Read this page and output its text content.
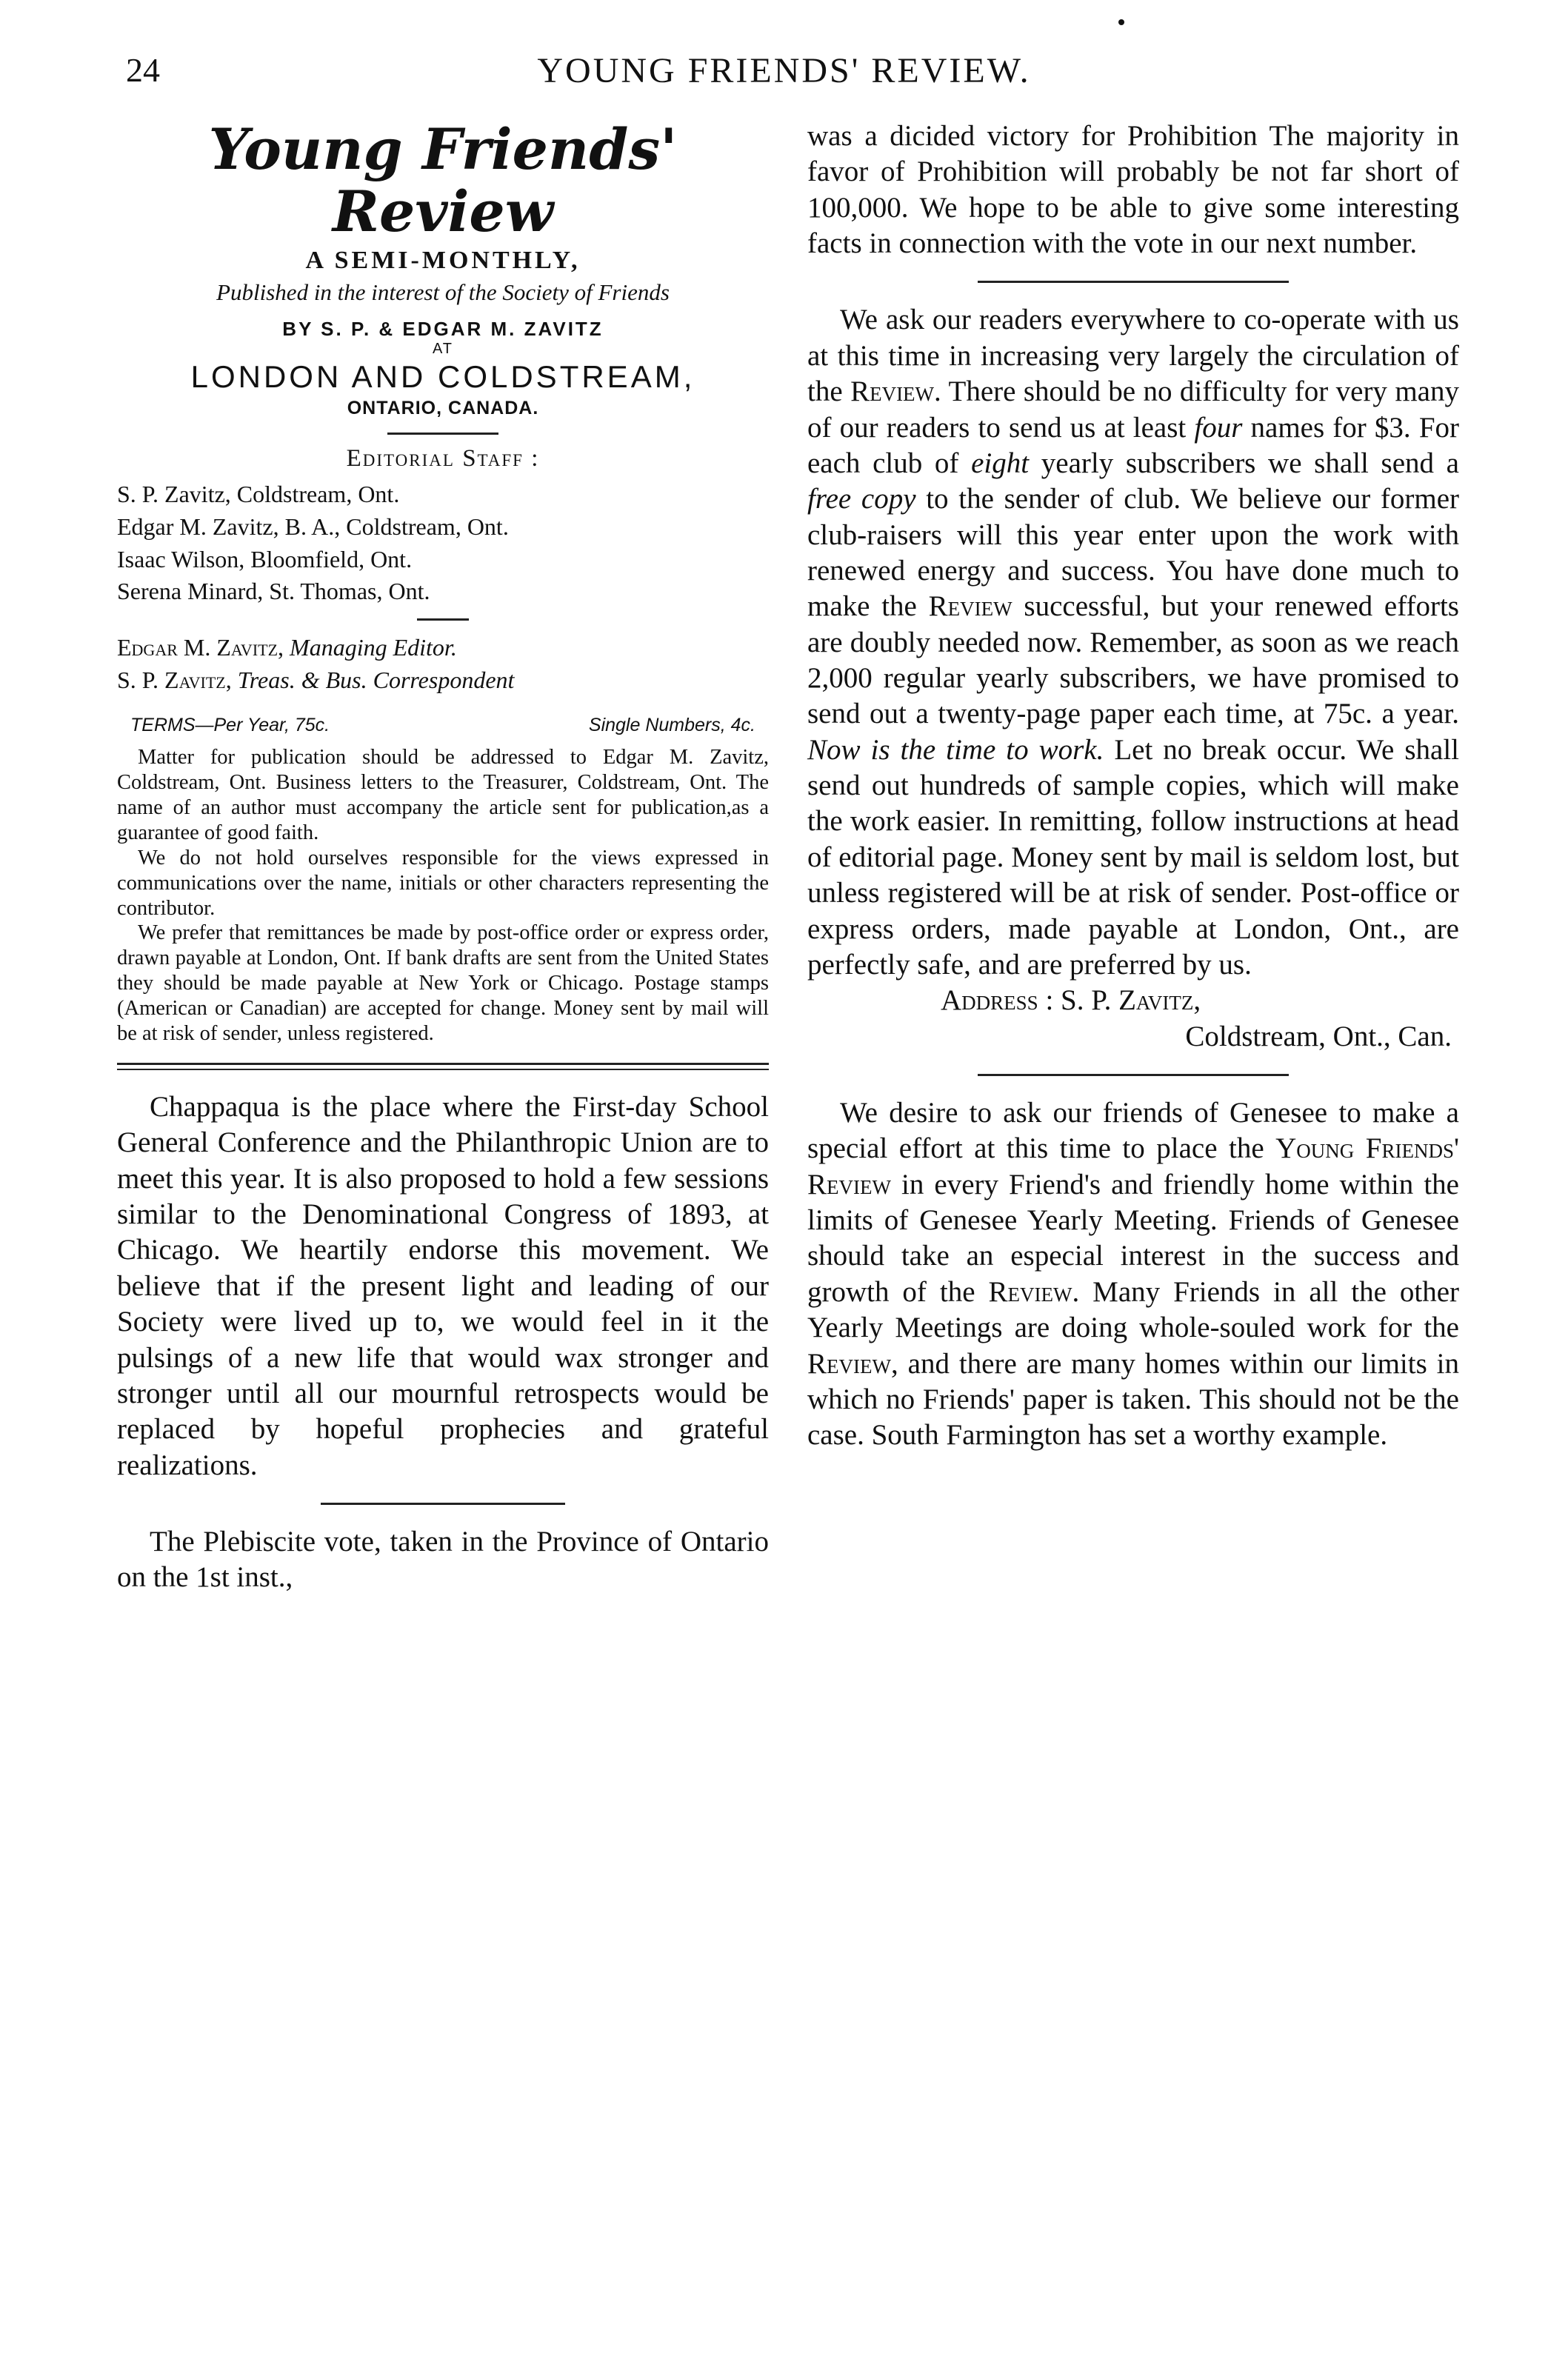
24	YOUNG FRIENDS' REVIEW.
Young Friends' Review

A SEMI-MONTHLY,

Published in the interest of the Society of Friends

BY S. P. & EDGAR M. ZAVITZ

AT

LONDON AND COLDSTREAM,

ONTARIO, CANADA.

Editorial Staff :

S. P. Zavitz, Coldstream, Ont.

Edgar M. Zavitz, B. A., Coldstream, Ont.

Isaac Wilson, Bloomfield, Ont.

Serena Minard, St. Thomas, Ont.

Edgar M. Zavitz, Managing Editor.

S. P. Zavitz, Treas. & Bus. Correspondent

TERMS—Per Year, 75c.	Single Numbers, 4c.

Matter for publication should be addressed to Edgar M. Zavitz, Coldstream, Ont. Business letters to the Treasurer, Coldstream, Ont. The name of an author must accompany the article sent for publication,as a guarantee of good faith.

We do not hold ourselves responsible for the views expressed in communications over the name, initials or other characters representing the contributor.

We prefer that remittances be made by post-office order or express order, drawn payable at London, Ont. If bank drafts are sent from the United States they should be made payable at New York or Chicago. Postage stamps (American or Canadian) are accepted for change. Money sent by mail will be at risk of sender, unless registered.

Chappaqua is the place where the First-day School General Conference and the Philanthropic Union are to meet this year. It is also proposed to hold a few sessions similar to the Denominational Congress of 1893, at Chicago. We heartily endorse this movement. We believe that if the present light and leading of our Society were lived up to, we would feel in it the pulsings of a new life that would wax stronger and stronger until all our mournful retrospects would be replaced by hopeful prophecies and grateful realizations.

The Plebiscite vote, taken in the Province of Ontario on the 1st inst.,

was a dicided victory for Prohibition The majority in favor of Prohibition will probably be not far short of 100,000. We hope to be able to give some interesting facts in connection with the vote in our next number.

We ask our readers everywhere to co-operate with us at this time in increasing very largely the circulation of the Review. There should be no difficulty for very many of our readers to send us at least four names for $3. For each club of eight yearly subscribers we shall send a free copy to the sender of club. We believe our former club-raisers will this year enter upon the work with renewed energy and success. You have done much to make the Review successful, but your renewed efforts are doubly needed now. Remember, as soon as we reach 2,000 regular yearly subscribers, we have promised to send out a twenty-page paper each time, at 75c. a year. Now is the time to work. Let no break occur. We shall send out hundreds of sample copies, which will make the work easier. In remitting, follow instructions at head of editorial page. Money sent by mail is seldom lost, but unless registered will be at risk of sender. Post-office or express orders, made payable at London, Ont., are perfectly safe, and are preferred by us.

Address : S. P. Zavitz,
Coldstream, Ont., Can.

We desire to ask our friends of Genesee to make a special effort at this time to place the Young Friends' Review in every Friend's and friendly home within the limits of Genesee Yearly Meeting. Friends of Genesee should take an especial interest in the success and growth of the Review. Many Friends in all the other Yearly Meetings are doing whole-souled work for the Review, and there are many homes within our limits in which no Friends' paper is taken. This should not be the case. South Farmington has set a worthy example.
